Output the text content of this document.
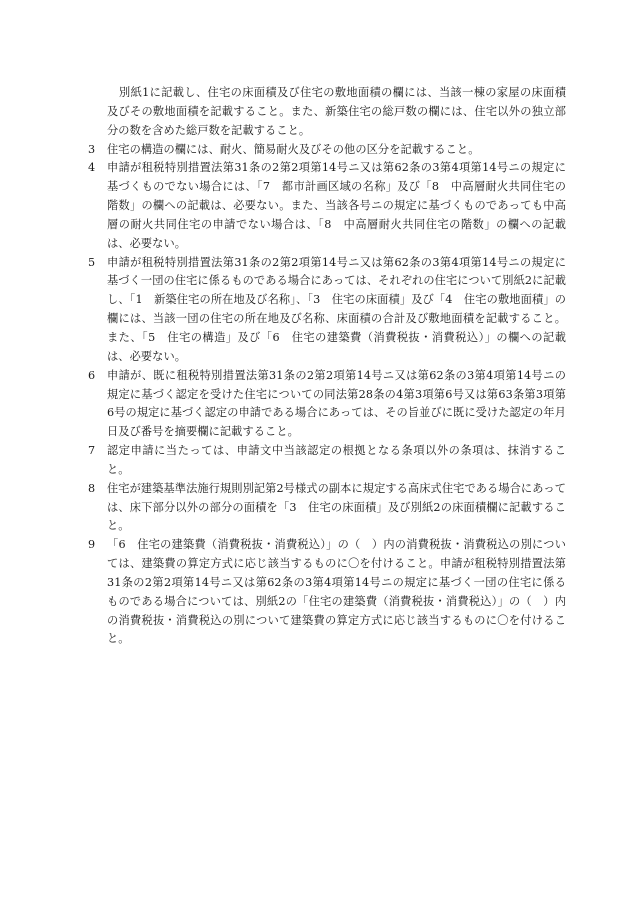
別紙1に記載し、住宅の床面積及び住宅の敷地面積の欄には、当該一棟の家屋の床面積及びその敷地面積を記載すること。また、新築住宅の総戸数の欄には、住宅以外の独立部分の数を含めた総戸数を記載すること。

3 住宅の構造の欄には、耐火、簡易耐火及びその他の区分を記載すること。

4 申請が租税特別措置法第31条の2第2項第14号ニ又は第62条の3第4項第14号ニの規定に基づくものでない場合には、「7　都市計画区域の名称」及び「8　中高層耐火共同住宅の階数」の欄への記載は、必要ない。また、当該各号ニの規定に基づくものであっても中高層の耐火共同住宅の申請でない場合は、「8　中高層耐火共同住宅の階数」の欄への記載は、必要ない。

5 申請が租税特別措置法第31条の2第2項第14号ニ又は第62条の3第4項第14号ニの規定に基づく一団の住宅に係るものである場合にあっては、それぞれの住宅について別紙2に記載し、「1　新築住宅の所在地及び名称」、「3　住宅の床面積」及び「4　住宅の敷地面積」の欄には、当該一団の住宅の所在地及び名称、床面積の合計及び敷地面積を記載すること。また、「5　住宅の構造」及び「6　住宅の建築費（消費税抜・消費税込）」の欄への記載は、必要ない。

6 申請が、既に租税特別措置法第31条の2第2項第14号ニ又は第62条の3第4項第14号ニの規定に基づく認定を受けた住宅についての同法第28条の4第3項第6号又は第63条第3項第6号の規定に基づく認定の申請である場合にあっては、その旨並びに既に受けた認定の年月日及び番号を摘要欄に記載すること。

7 認定申請に当たっては、申請文中当該認定の根拠となる条項以外の条項は、抹消すること。

8 住宅が建築基準法施行規則別記第2号様式の副本に規定する高床式住宅である場合にあっては、床下部分以外の部分の面積を「3　住宅の床面積」及び別紙2の床面積欄に記載すること。

9 「6　住宅の建築費（消費税抜・消費税込）」の（　）内の消費税抜・消費税込の別については、建築費の算定方式に応じ該当するものに〇を付けること。申請が租税特別措置法第31条の2第2項第14号ニ又は第62条の3第4項第14号ニの規定に基づく一団の住宅に係るものである場合については、別紙2の「住宅の建築費（消費税抜・消費税込）」の（　）内の消費税抜・消費税込の別について建築費の算定方式に応じ該当するものに〇を付けること。
